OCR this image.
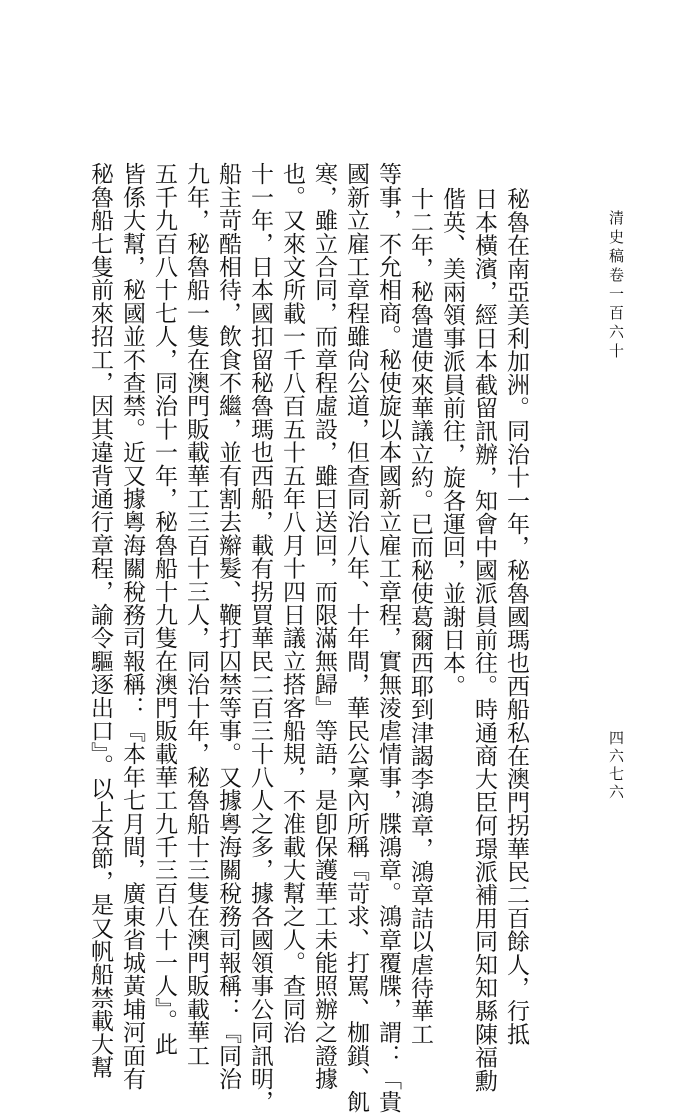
清史稿卷一百六十
四六七六
秘魯在南亞美利加洲。同治十一年，秘魯國瑪也西船私在澳門拐華民二百餘人，行抵
日本橫濱，經日本截留訊辦，知會中國派員前往。時通商大臣何璟派補用同知知縣陳福勳
偕英、美兩領事派員前往，旋各運回，並謝日本。
十二年，秘魯遣使來華議立約。已而秘使葛爾西耶到津謁李鴻章，鴻章詰以虐待華工
等事，不允相商。秘使旋以本國新立雇工章程，實無淩虐情事，牒鴻章。鴻章覆牒，謂：「貴
國新立雇工章程雖尙公道，但查同治八年、十年間，華民公稟內所稱『苛求、打罵、枷鎖、飢
寒，雖立合同，而章程虛設，雖曰送回，而限滿無歸』等語，是卽保護華工未能照辦之證據
也。又來文所載一千八百五十五年八月十四日議立搭客船規，不准載大幫之人。查同治
十一年，日本國扣留秘魯瑪也西船，載有拐買華民二百三十八人之多，據各國領事公同訊明，
船主苛酷相待，飲食不繼，並有割去辮髮、鞭打囚禁等事。又據粵海關稅務司報稱：『同治
九年，秘魯船一隻在澳門販載華工三百十三人，同治十年，秘魯船十三隻在澳門販載華工
五千九百八十七人，同治十一年，秘魯船十九隻在澳門販載華工九千三百八十一人』。此
皆係大幫，秘國並不查禁。近又據粵海關稅務司報稱：『本年七月間，廣東省城黃埔河面有
秘魯船七隻前來招工，因其違背通行章程，諭令驅逐出口』。以上各節，是又帆船禁載大幫
